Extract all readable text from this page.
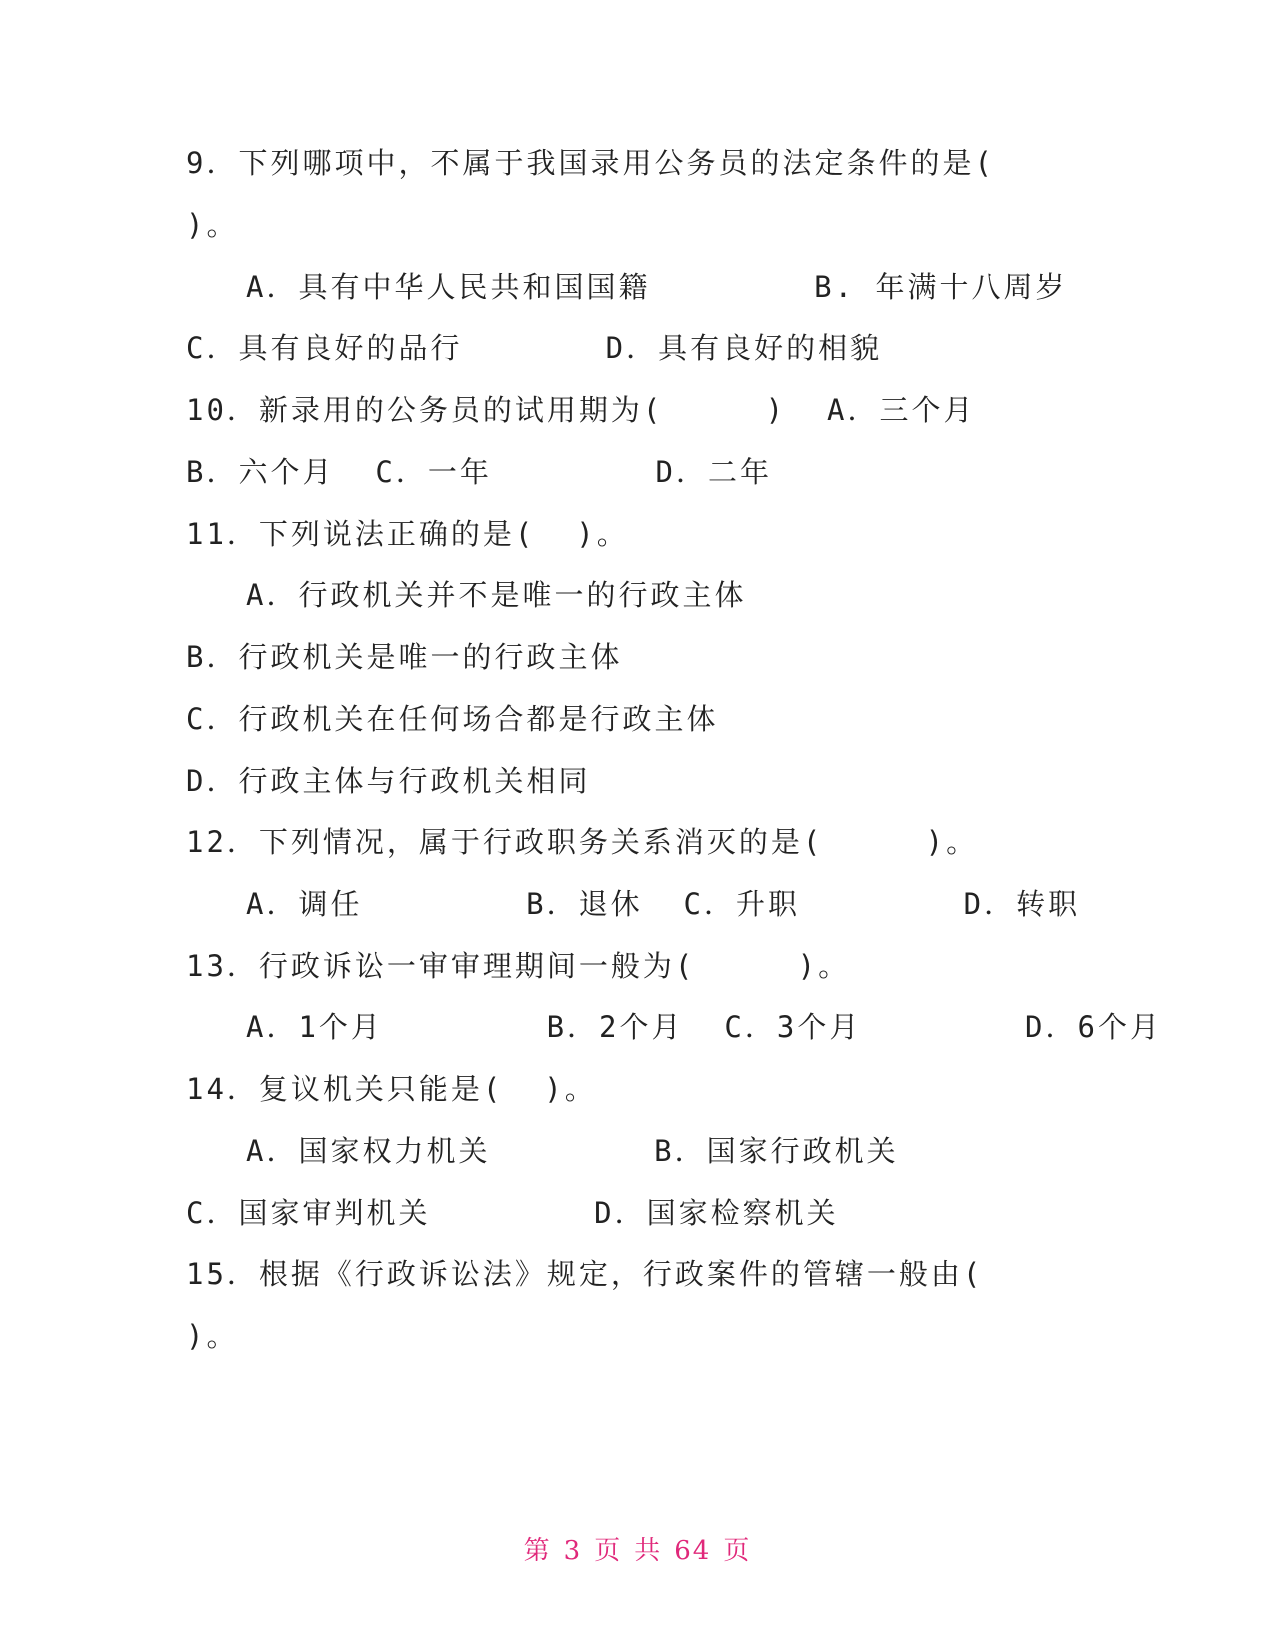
9．下列哪项中，不属于我国录用公务员的法定条件的是(
)。
A．具有中华人民共和国国籍        B. 年满十八周岁
C．具有良好的品行       D．具有良好的相貌
10．新录用的公务员的试用期为(     )  A．三个月
B．六个月  C．一年        D．二年
11．下列说法正确的是(  )。
A．行政机关并不是唯一的行政主体
B．行政机关是唯一的行政主体
C．行政机关在任何场合都是行政主体
D．行政主体与行政机关相同
12．下列情况，属于行政职务关系消灭的是(     )。
A．调任        B．退休  C．升职        D．转职
13．行政诉讼一审审理期间一般为(     )。
A．1个月        B．2个月  C．3个月        D．6个月
14．复议机关只能是(  )。
A．国家权力机关        B．国家行政机关
C．国家审判机关        D．国家检察机关
15．根据《行政诉讼法》规定，行政案件的管辖一般由(
)。
第 3 页 共 64 页
